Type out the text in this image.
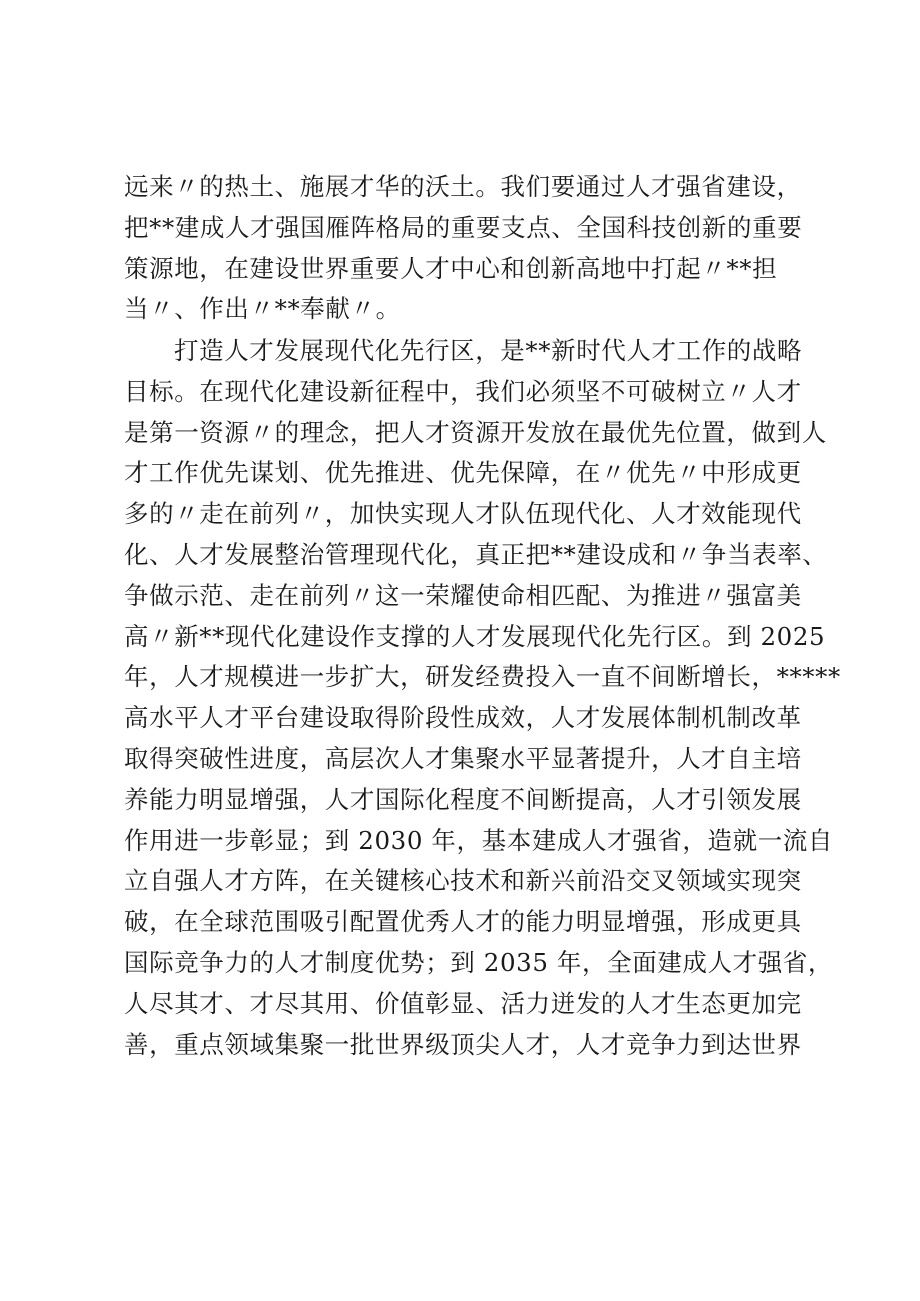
远来〃的热土、施展才华的沃土。我们要通过人才强省建设，
把**建成人才强国雁阵格局的重要支点、全国科技创新的重要
策源地，在建设世界重要人才中心和创新高地中打起〃**担
当〃、作出〃**奉献〃。
打造人才发展现代化先行区，是**新时代人才工作的战略
目标。在现代化建设新征程中，我们必须坚不可破树立〃人才
是第一资源〃的理念，把人才资源开发放在最优先位置，做到人
才工作优先谋划、优先推进、优先保障，在〃优先〃中形成更
多的〃走在前列〃，加快实现人才队伍现代化、人才效能现代
化、人才发展整治管理现代化，真正把**建设成和〃争当表率、
争做示范、走在前列〃这一荣耀使命相匹配、为推进〃强富美
高〃新**现代化建设作支撑的人才发展现代化先行区。到 2025
年，人才规模进一步扩大，研发经费投入一直不间断增长，*****
高水平人才平台建设取得阶段性成效，人才发展体制机制改革
取得突破性进度，高层次人才集聚水平显著提升，人才自主培
养能力明显增强，人才国际化程度不间断提高，人才引领发展
作用进一步彰显；到 2030 年，基本建成人才强省，造就一流自
立自强人才方阵，在关键核心技术和新兴前沿交叉领域实现突
破，在全球范围吸引配置优秀人才的能力明显增强，形成更具
国际竞争力的人才制度优势；到 2035 年，全面建成人才强省，
人尽其才、才尽其用、价值彰显、活力迸发的人才生态更加完
善，重点领域集聚一批世界级顶尖人才，人才竞争力到达世界
